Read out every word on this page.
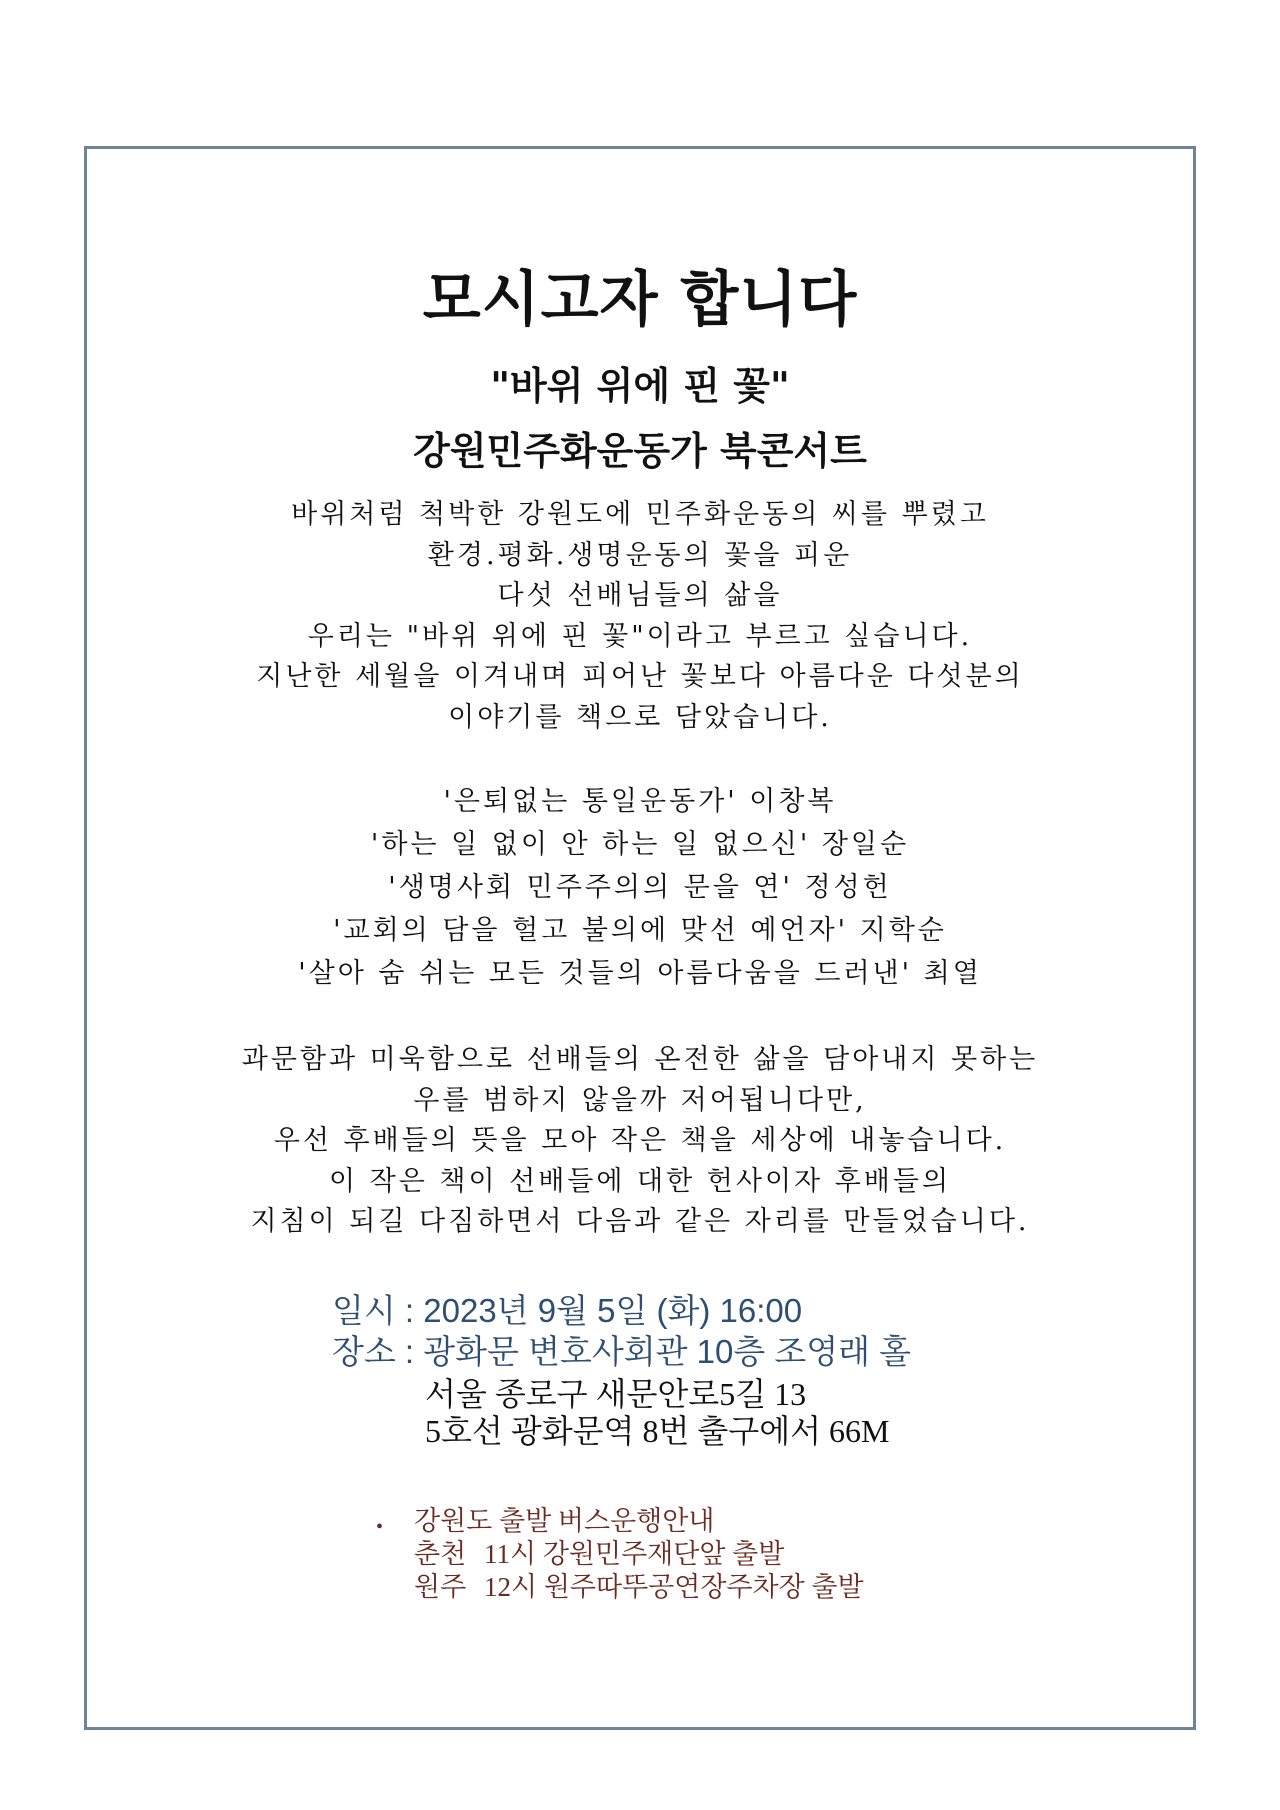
모시고자 합니다
"바위 위에 핀 꽃"
강원민주화운동가 북콘서트
바위처럼 척박한 강원도에 민주화운동의 씨를 뿌렸고
환경.평화.생명운동의 꽃을 피운
다섯 선배님들의 삶을
우리는 "바위 위에 핀 꽃"이라고 부르고 싶습니다.
지난한 세월을 이겨내며 피어난 꽃보다 아름다운 다섯분의
이야기를 책으로 담았습니다.
'은퇴없는 통일운동가' 이창복
'하는 일 없이 안 하는 일 없으신' 장일순
'생명사회 민주주의의 문을 연' 정성헌
'교회의 담을 헐고 불의에 맞선 예언자' 지학순
'살아 숨 쉬는 모든 것들의 아름다움을 드러낸' 최열
과문함과 미욱함으로 선배들의 온전한 삶을 담아내지 못하는
우를 범하지 않을까 저어됩니다만,
우선 후배들의 뜻을 모아 작은 책을 세상에 내놓습니다.
이 작은 책이 선배들에 대한 헌사이자 후배들의
지침이 되길 다짐하면서 다음과 같은 자리를 만들었습니다.
일시 : 2023년 9월 5일 (화) 16:00
장소 : 광화문 변호사회관 10층 조영래 홀
서울 종로구 새문안로5길 13
5호선 광화문역 8번 출구에서 66M
• 강원도 출발 버스운행안내
춘천 11시 강원민주재단앞 출발
원주 12시 원주따뚜공연장주차장 출발
